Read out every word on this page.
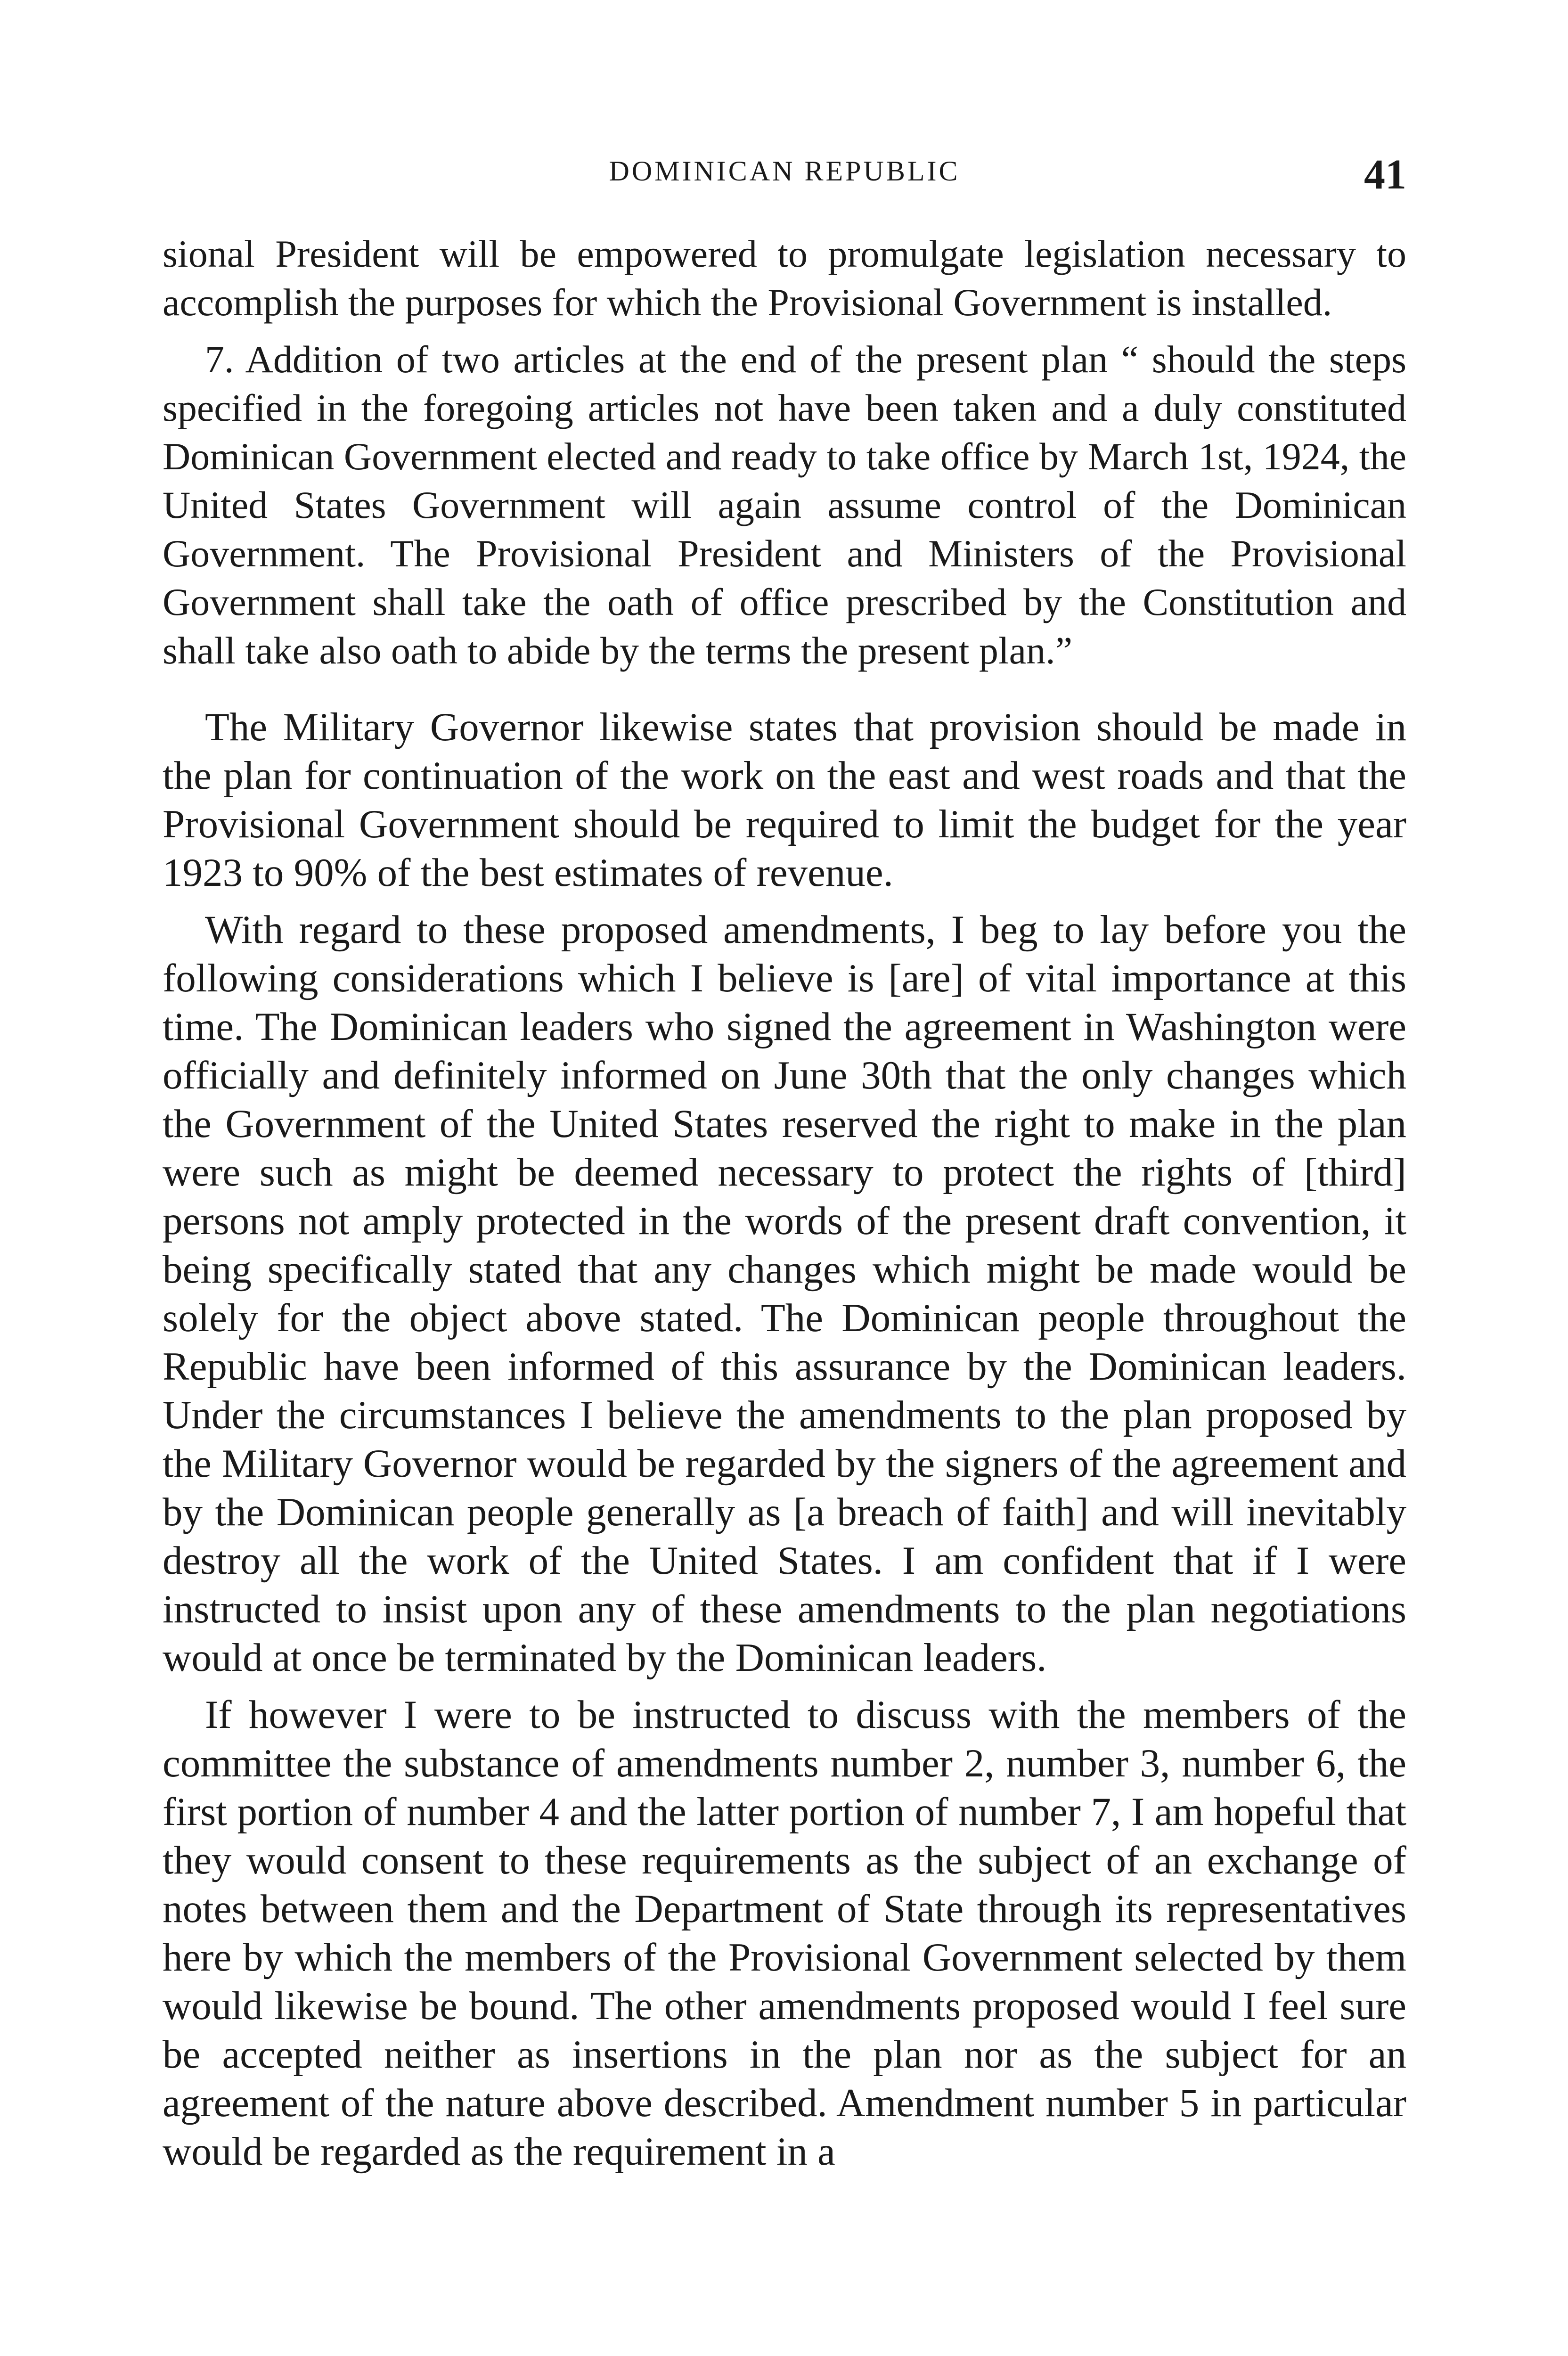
DOMINICAN REPUBLIC	41

sional President will be empowered to promulgate legislation necessary to accomplish the purposes for which the Provisional Government is installed.

7. Addition of two articles at the end of the present plan “ should the steps specified in the foregoing articles not have been taken and a duly constituted Dominican Government elected and ready to take office by March 1st, 1924, the United States Government will again assume control of the Dominican Government. The Provisional President and Ministers of the Provisional Government shall take the oath of office prescribed by the Constitution and shall take also oath to abide by the terms the present plan.”

The Military Governor likewise states that provision should be made in the plan for continuation of the work on the east and west roads and that the Provisional Government should be required to limit the budget for the year 1923 to 90% of the best estimates of revenue.

With regard to these proposed amendments, I beg to lay before you the following considerations which I believe is [are] of vital importance at this time. The Dominican leaders who signed the agreement in Washington were officially and definitely informed on June 30th that the only changes which the Government of the United States reserved the right to make in the plan were such as might be deemed necessary to protect the rights of [third] persons not amply protected in the words of the present draft convention, it being specifically stated that any changes which might be made would be solely for the object above stated. The Dominican people throughout the Republic have been informed of this assurance by the Dominican leaders. Under the circumstances I believe the amendments to the plan proposed by the Military Governor would be regarded by the signers of the agreement and by the Dominican people generally as [a breach of faith] and will inevitably destroy all the work of the United States. I am confident that if I were instructed to insist upon any of these amendments to the plan negotiations would at once be terminated by the Dominican leaders.

If however I were to be instructed to discuss with the members of the committee the substance of amendments number 2, number 3, number 6, the first portion of number 4 and the latter portion of number 7, I am hopeful that they would consent to these requirements as the subject of an exchange of notes between them and the Department of State through its representatives here by which the members of the Provisional Government selected by them would likewise be bound. The other amendments proposed would I feel sure be accepted neither as insertions in the plan nor as the subject for an agreement of the nature above described. Amendment number 5 in particular would be regarded as the requirement in a
